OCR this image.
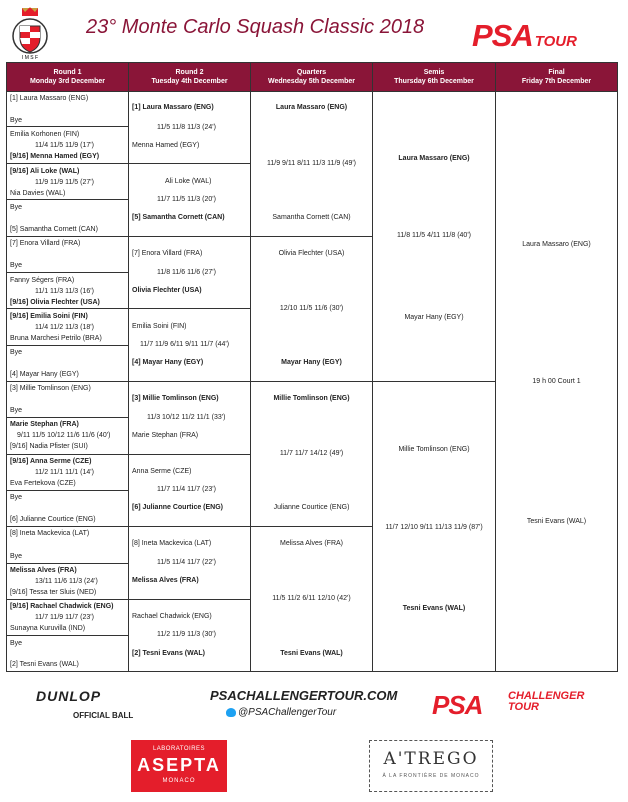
I M S F
23° Monte Carlo Squash Classic 2018	PSA TOUR
Round 1
Monday 3rd December
Round 2
Tuesday 4th December
Quarters
Wednesday 5th December
Semis
Thursday 6th December
Final
Friday 7th December
[1] Laura Massaro (ENG)
Bye
Emilia Korhonen (FIN)
11/4 11/5 11/9 (17')
[9/16] Menna Hamed (EGY)
[9/16] Ali Loke (WAL)
11/9 11/9 11/5 (27')
Nia Davies (WAL)
Bye
[5] Samantha Cornett (CAN)
[7] Enora Villard (FRA)
Bye
Fanny Ségers (FRA)
11/1 11/3 11/3 (16')
[9/16] Olivia Flechter (USA)
[9/16] Emilia Soini (FIN)
11/4 11/2 11/3 (18')
Bruna Marchesi Petrilo (BRA)
Bye
[4] Mayar Hany (EGY)
[3] Millie Tomlinson (ENG)
Bye
Marie Stephan (FRA)
9/11 11/5 10/12 11/6 11/6 (40')
[9/16] Nadia Pfister (SUI)
[9/16] Anna Serme (CZE)
11/2 11/1 11/1 (14')
Eva Fertekova (CZE)
Bye
[6] Julianne Courtice (ENG)
[8] Ineta Mackevica (LAT)
Bye
Melissa Alves (FRA)
13/11 11/6 11/3 (24')
[9/16] Tessa ter Sluis (NED)
[9/16] Rachael Chadwick (ENG)
11/7 11/9 11/7 (23')
Sunayna Kuruvilla (IND)
Bye
[2] Tesni Evans (WAL)
[1] Laura Massaro (ENG)
11/5 11/8 11/3 (24')
Menna Hamed (EGY)
Ali Loke (WAL)
11/7 11/5 11/3 (20')
[5] Samantha Cornett (CAN)
[7] Enora Villard (FRA)
11/8 11/6 11/6 (27')
Olivia Flechter (USA)
Emilia Soini (FIN)
11/7 11/9 6/11 9/11 11/7 (44')
[4] Mayar Hany (EGY)
[3] Millie Tomlinson (ENG)
11/3 10/12 11/2 11/1 (33')
Marie Stephan (FRA)
Anna Serme (CZE)
11/7 11/4 11/7 (23')
[6] Julianne Courtice (ENG)
[8] Ineta Mackevica (LAT)
11/5 11/4 11/7 (22')
Melissa Alves (FRA)
Rachael Chadwick (ENG)
11/2 11/9 11/3 (30')
[2] Tesni Evans (WAL)
Laura Massaro (ENG)
11/9 9/11 8/11 11/3 11/9 (49')
Samantha Cornett (CAN)
Olivia Flechter (USA)
12/10 11/5 11/6 (30')
Mayar Hany (EGY)
Millie Tomlinson (ENG)
11/7 11/7 14/12 (49')
Julianne Courtice (ENG)
Melissa Alves (FRA)
11/5 11/2 6/11 12/10 (42')
Tesni Evans (WAL)
Laura Massaro (ENG)
11/8 11/5 4/11 11/8 (40')
Mayar Hany (EGY)
Millie Tomlinson (ENG)
11/7 12/10 9/11 11/13 11/9 (87')
Tesni Evans (WAL)
Laura Massaro (ENG)
19 h 00 Court 1
Tesni Evans (WAL)
DUNLOP
OFFICIAL BALL
PSACHALLENGERTOUR.COM
@PSAChallengerTour	PSA CHALLENGER
TOUR
LABORATOIRES
ASEPTA
MONACO
A'TREGO
À LA FRONTIÈRE DE MONACO
